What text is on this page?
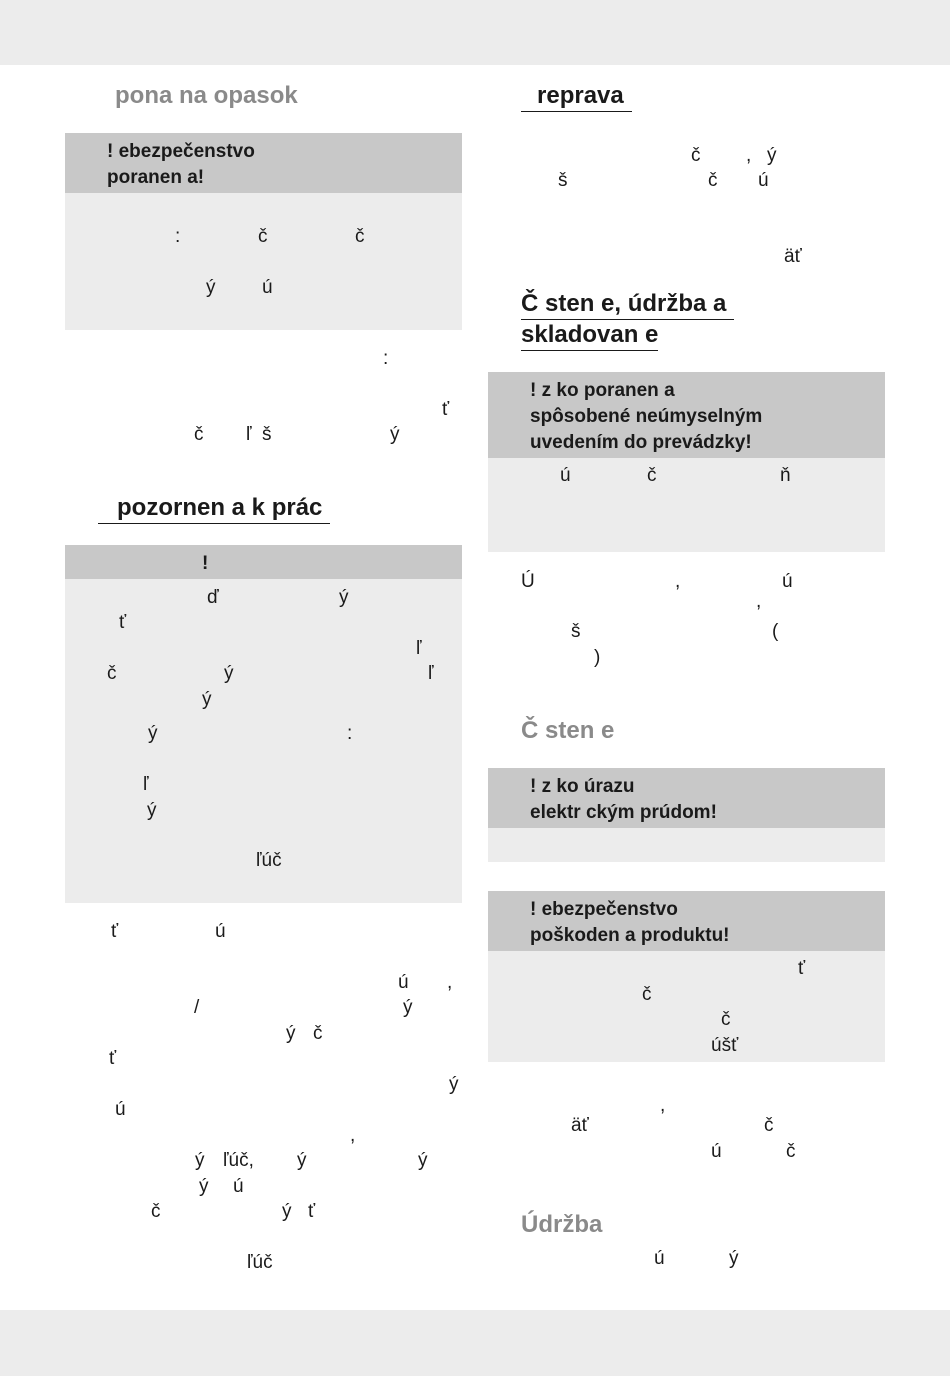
pona na opasok
! ebezpečenstvo
poranen a!
:	č	č
ý ú
:
ť
č ľ š	ý
pozornen a k prác
!
ď	ý
ť
ľ
č	ý	ľ
ý
ý	:
ľ
ý
ľúč
ť	ú
ú ,
/	ý
ý č
ť
ý
ú
,
ý ľúč, ý	ý
ý ú
č	ý ť
ľúč
reprava
č , ý
š	č ú
äť
Č sten e, údržba a
skladovan e
! z ko poranen a
spôsobené neúmyselným
uvedením do prevádzky!
ú	č	ň
Ú	,	ú
,
š	(
)
Č sten e
! z ko úrazu
elektr ckým prúdom!
! ebezpečenstvo
poškoden a produktu!
ť
č
č
úšť
,
äť	č
ú	č
Údržba
ú	ý
